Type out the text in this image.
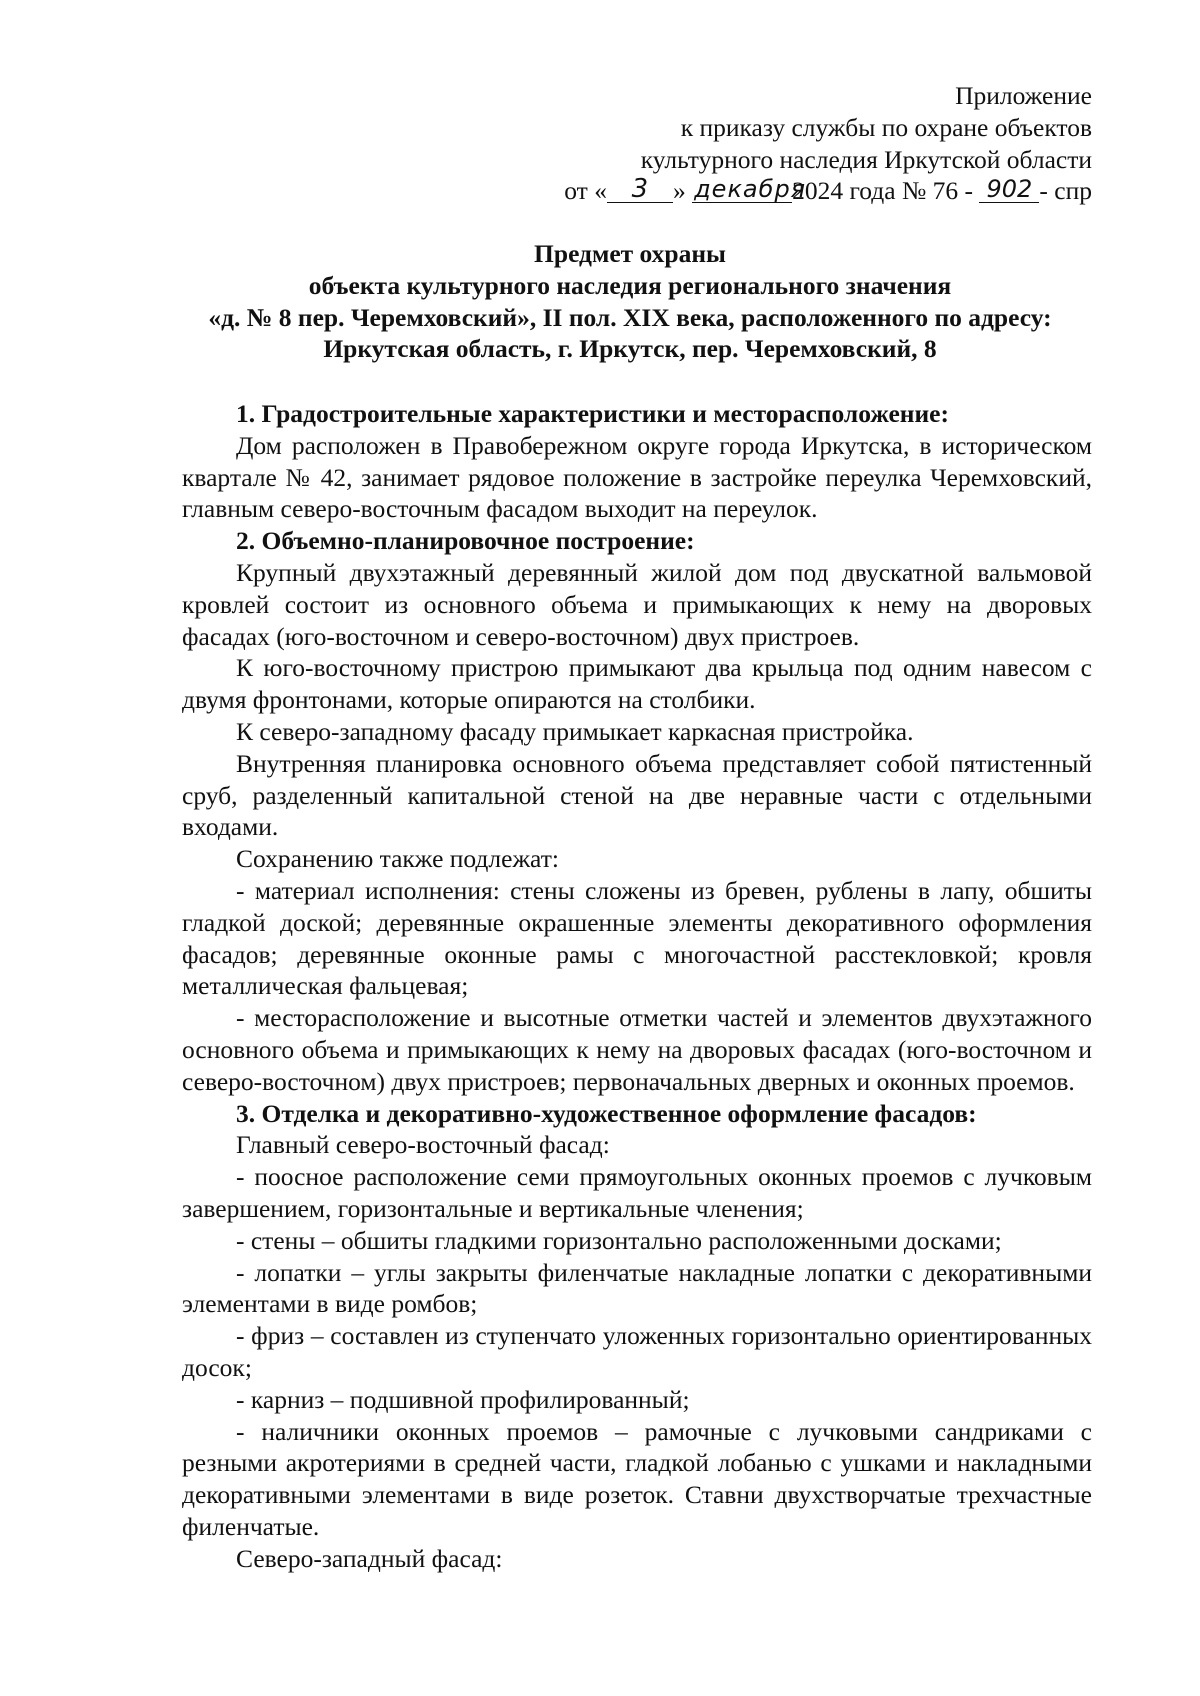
Приложение
к приказу службы по охране объектов
культурного наследия Иркутской области
от « 3 » декабря2024 года № 76 - 902 - спр
Предмет охраны
объекта культурного наследия регионального значения
«д. № 8 пер. Черемховский», II пол. XIX века, расположенного по адресу:
Иркутская область, г. Иркутск, пер. Черемховский, 8

1. Градостроительные характеристики и месторасположение:

Дом расположен в Правобережном округе города Иркутска, в историческом квартале № 42, занимает рядовое положение в застройке переулка Черемховский, главным северо-восточным фасадом выходит на переулок.

2. Объемно-планировочное построение:

Крупный двухэтажный деревянный жилой дом под двускатной вальмовой кровлей состоит из основного объема и примыкающих к нему на дворовых фасадах (юго-восточном и северо-восточном) двух пристроев.

К юго-восточному пристрою примыкают два крыльца под одним навесом с двумя фронтонами, которые опираются на столбики.

К северо-западному фасаду примыкает каркасная пристройка.

Внутренняя планировка основного объема представляет собой пятистенный сруб, разделенный капитальной стеной на две неравные части с отдельными входами.

Сохранению также подлежат:

- материал исполнения: стены сложены из бревен, рублены в лапу, обшиты гладкой доской; деревянные окрашенные элементы декоративного оформления фасадов; деревянные оконные рамы с многочастной расстекловкой; кровля металлическая фальцевая;

- месторасположение и высотные отметки частей и элементов двухэтажного основного объема и примыкающих к нему на дворовых фасадах (юго-восточном и северо-восточном) двух пристроев; первоначальных дверных и оконных проемов.

3. Отделка и декоративно-художественное оформление фасадов:

Главный северо-восточный фасад:

- поосное расположение семи прямоугольных оконных проемов с лучковым завершением, горизонтальные и вертикальные членения;

- стены – обшиты гладкими горизонтально расположенными досками;

- лопатки – углы закрыты филенчатые накладные лопатки с декоративными элементами в виде ромбов;

- фриз – составлен из ступенчато уложенных горизонтально ориентированных досок;

- карниз – подшивной профилированный;

- наличники оконных проемов – рамочные с лучковыми сандриками с резными акротериями в средней части, гладкой лобанью с ушками и накладными декоративными элементами в виде розеток. Ставни двухстворчатые трехчастные филенчатые.

Северо-западный фасад:
